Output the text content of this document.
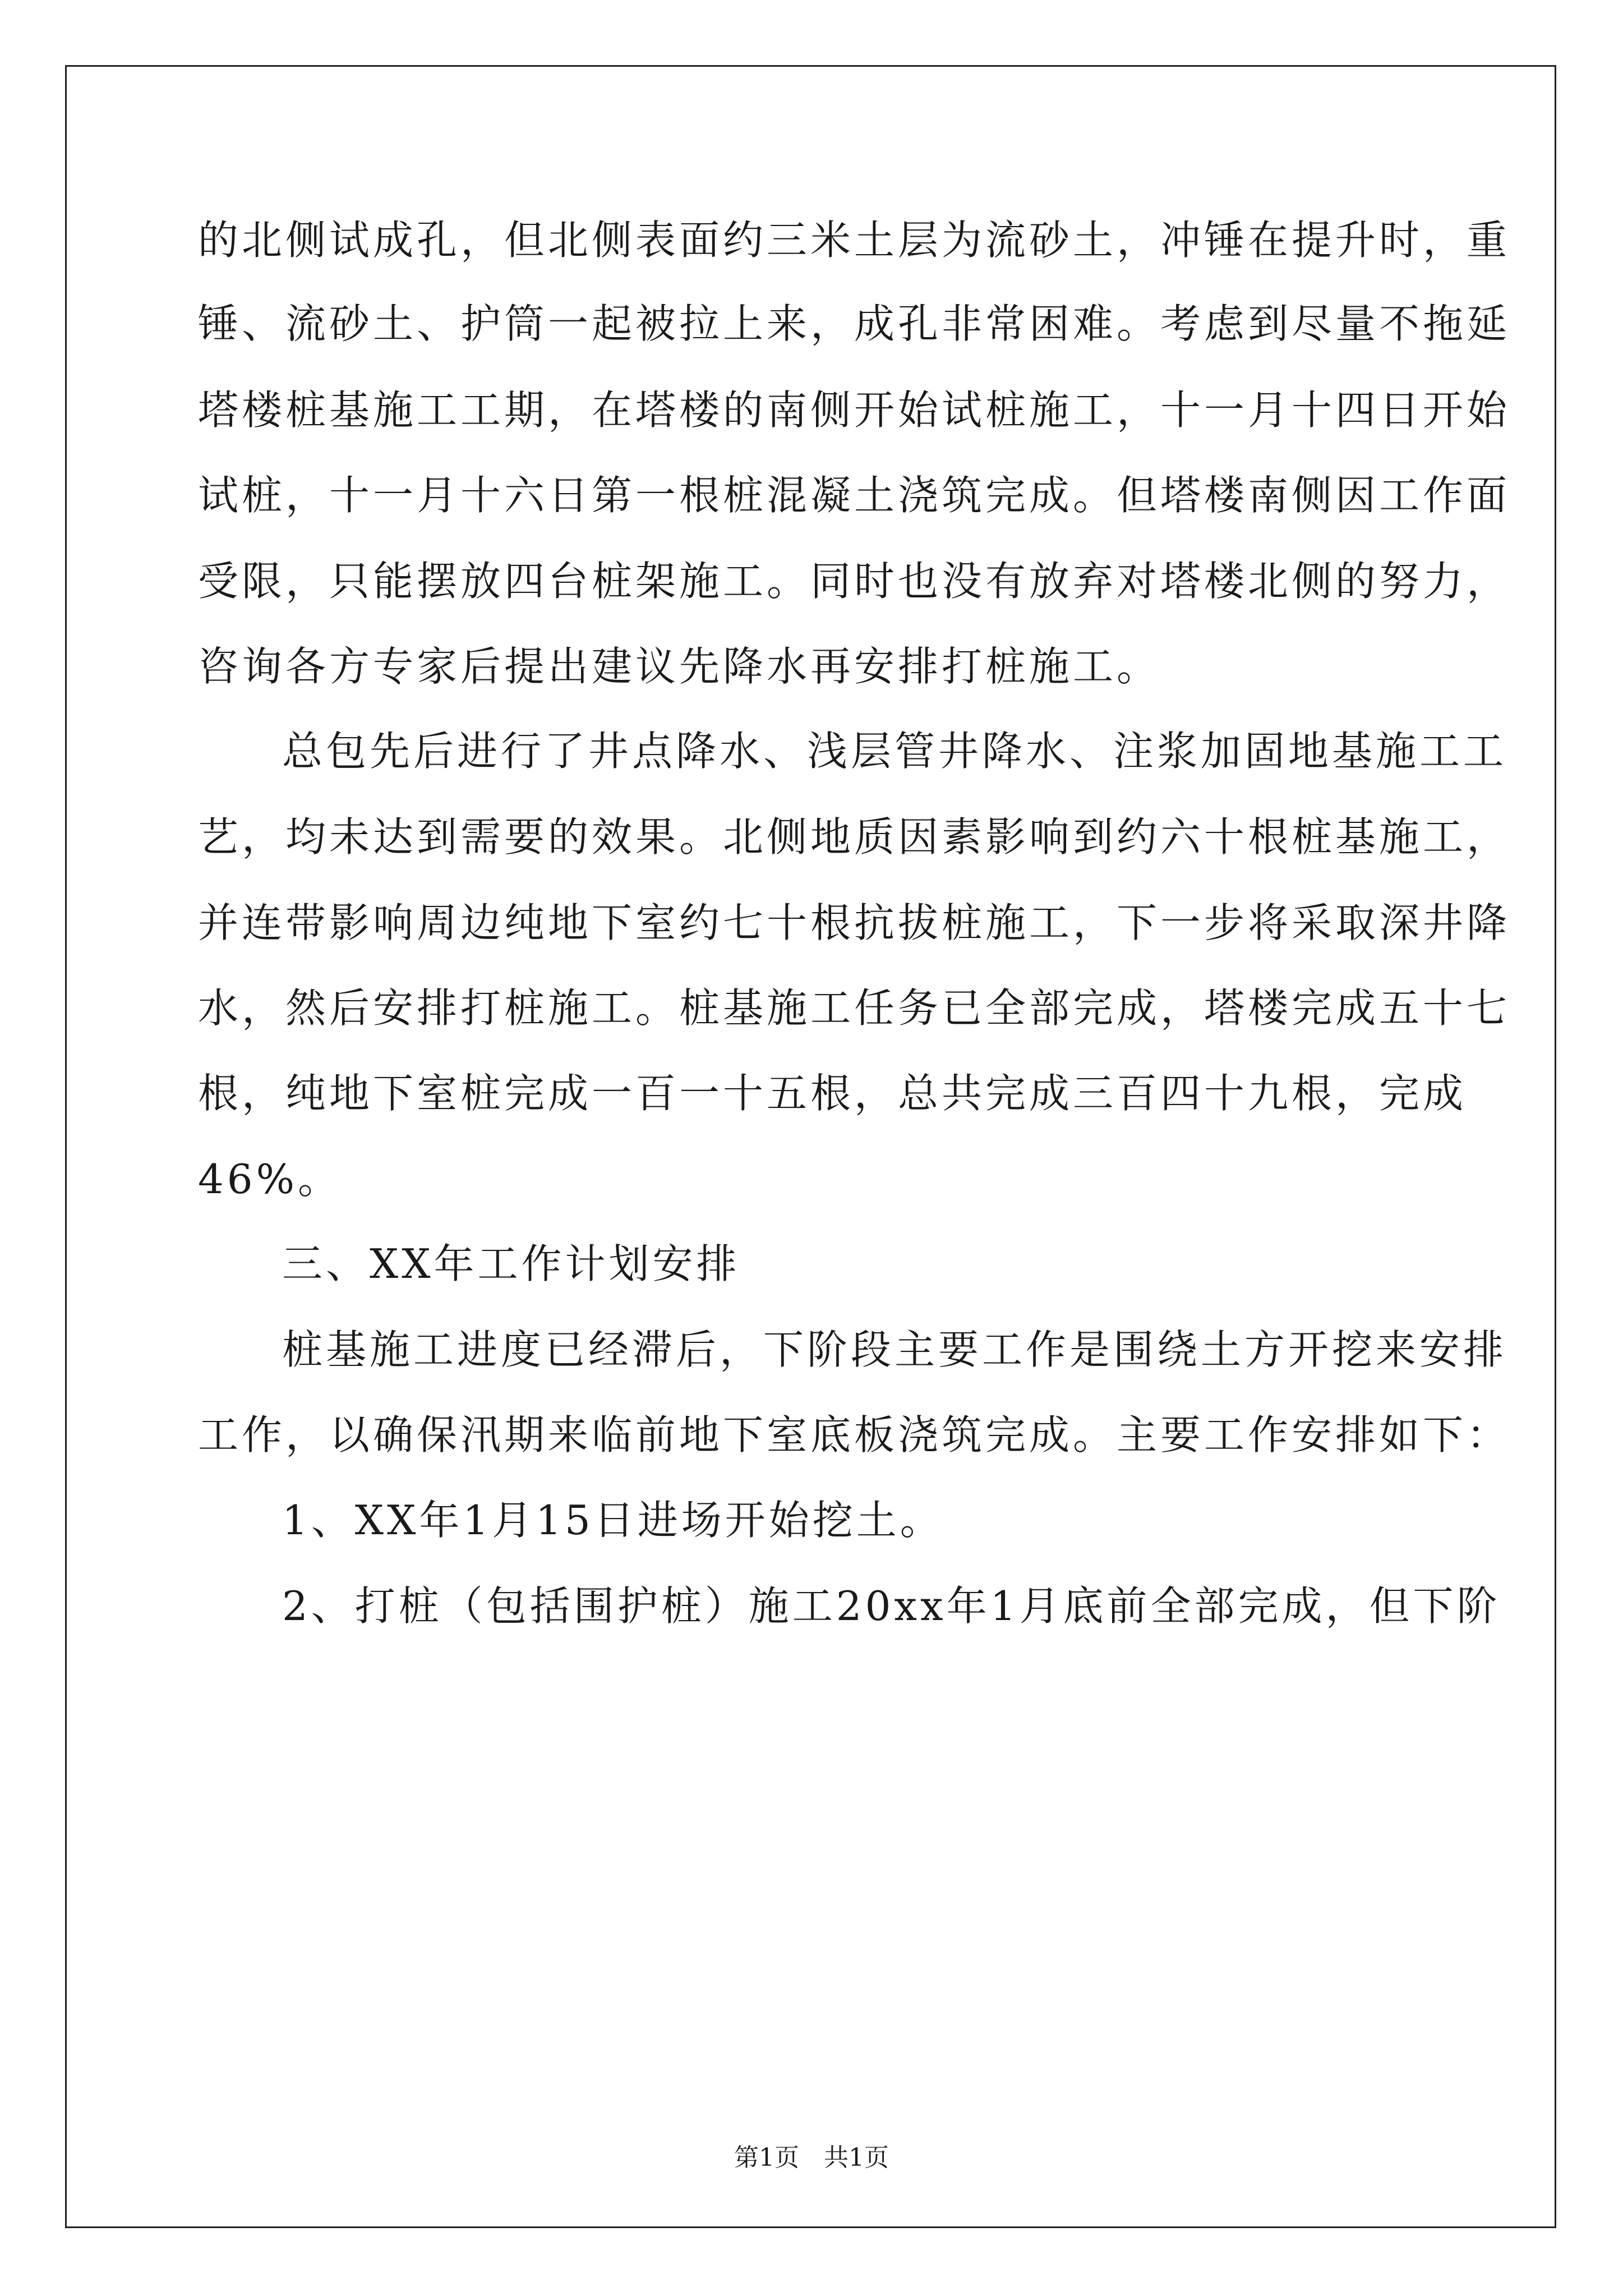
的北侧试成孔，但北侧表面约三米土层为流砂土，冲锤在提升时，重
锤、流砂土、护筒一起被拉上来，成孔非常困难。考虑到尽量不拖延
塔楼桩基施工工期，在塔楼的南侧开始试桩施工，十一月十四日开始
试桩，十一月十六日第一根桩混凝土浇筑完成。但塔楼南侧因工作面
受限，只能摆放四台桩架施工。同时也没有放弃对塔楼北侧的努力，
咨询各方专家后提出建议先降水再安排打桩施工。
总包先后进行了井点降水、浅层管井降水、注浆加固地基施工工
艺，均未达到需要的效果。北侧地质因素影响到约六十根桩基施工，
并连带影响周边纯地下室约七十根抗拔桩施工，下一步将采取深井降
水，然后安排打桩施工。桩基施工任务已全部完成，塔楼完成五十七
根，纯地下室桩完成一百一十五根，总共完成三百四十九根，完成
46%。
三、XX年工作计划安排
桩基施工进度已经滞后，下阶段主要工作是围绕土方开挖来安排
工作，以确保汛期来临前地下室底板浇筑完成。主要工作安排如下：
1、XX年1月15日进场开始挖土。
2、打桩（包括围护桩）施工20xx年1月底前全部完成，但下阶
第1页　共1页
